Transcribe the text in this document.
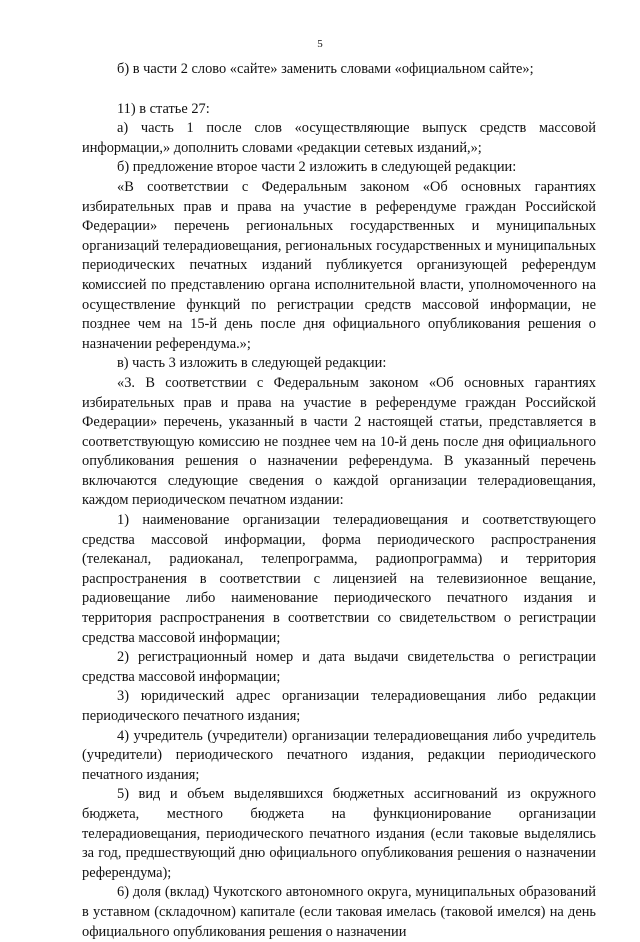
5

б) в части 2 слово «сайте» заменить словами «официальном сайте»;

11) в статье 27:

а) часть 1 после слов «осуществляющие выпуск средств массовой информации,» дополнить словами «редакции сетевых изданий,»;

б) предложение второе части 2 изложить в следующей редакции:

«В соответствии с Федеральным законом «Об основных гарантиях избирательных прав и права на участие в референдуме граждан Российской Федерации» перечень региональных государственных и муниципальных организаций телерадиовещания, региональных государственных и муниципальных периодических печатных изданий публикуется организующей референдум комиссией по представлению органа исполнительной власти, уполномоченного на осуществление функций по регистрации средств массовой информации, не позднее чем на 15-й день после дня официального опубликования решения о назначении референдума.»;

в) часть 3 изложить в следующей редакции:

«3. В соответствии с Федеральным законом «Об основных гарантиях избирательных прав и права на участие в референдуме граждан Российской Федерации» перечень, указанный в части 2 настоящей статьи, представляется в соответствующую комиссию не позднее чем на 10-й день после дня официального опубликования решения о назначении референдума. В указанный перечень включаются следующие сведения о каждой организации телерадиовещания, каждом периодическом печатном издании:

1) наименование организации телерадиовещания и соответствующего средства массовой информации, форма периодического распространения (телеканал, радиоканал, телепрограмма, радиопрограмма) и территория распространения в соответствии с лицензией на телевизионное вещание, радиовещание либо наименование периодического печатного издания и территория распространения в соответствии со свидетельством о регистрации средства массовой информации;

2) регистрационный номер и дата выдачи свидетельства о регистрации средства массовой информации;

3) юридический адрес организации телерадиовещания либо редакции периодического печатного издания;

4) учредитель (учредители) организации телерадиовещания либо учредитель (учредители) периодического печатного издания, редакции периодического печатного издания;

5) вид и объем выделявшихся бюджетных ассигнований из окружного бюджета, местного бюджета на функционирование организации телерадиовещания, периодического печатного издания (если таковые выделялись за год, предшествующий дню официального опубликования решения о назначении референдума);

6) доля (вклад) Чукотского автономного округа, муниципальных образований в уставном (складочном) капитале (если таковая имелась (таковой имелся) на день официального опубликования решения о назначении
